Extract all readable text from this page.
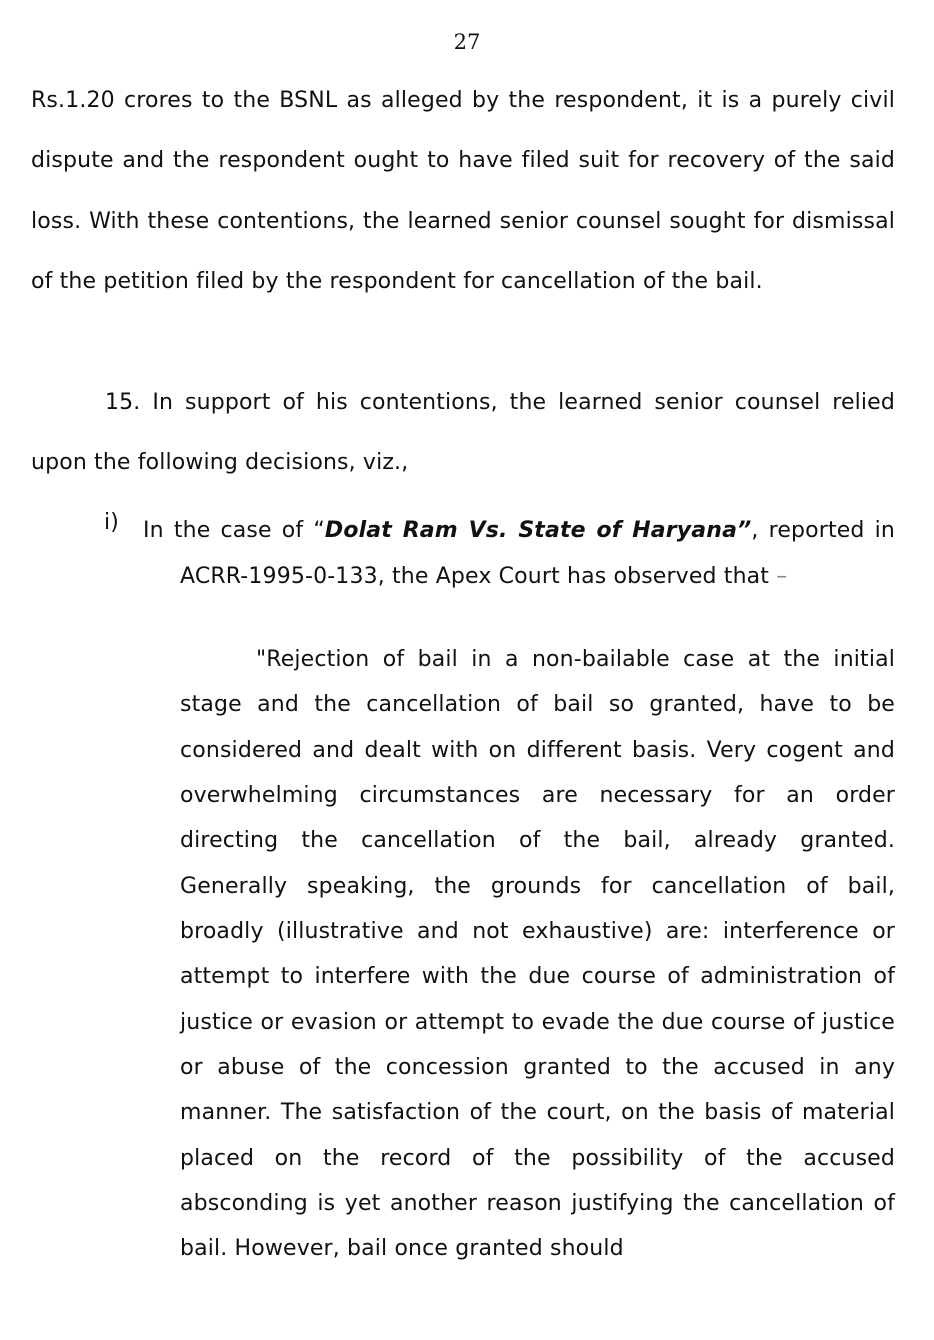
27

Rs.1.20 crores to the BSNL as alleged by the respondent, it is a purely civil dispute and the respondent ought to have filed suit for recovery of the said loss. With these contentions, the learned senior counsel sought for dismissal of the petition filed by the respondent for cancellation of the bail.

15. In support of his contentions, the learned senior counsel relied upon the following decisions, viz.,

i) In the case of “Dolat Ram Vs. State of Haryana”, reported in ACRR-1995-0-133, the Apex Court has observed that –

"Rejection of bail in a non-bailable case at the initial stage and the cancellation of bail so granted, have to be considered and dealt with on different basis. Very cogent and overwhelming circumstances are necessary for an order directing the cancellation of the bail, already granted. Generally speaking, the grounds for cancellation of bail, broadly (illustrative and not exhaustive) are: interference or attempt to interfere with the due course of administration of justice or evasion or attempt to evade the due course of justice or abuse of the concession granted to the accused in any manner. The satisfaction of the court, on the basis of material placed on the record of the possibility of the accused absconding is yet another reason justifying the cancellation of bail. However, bail once granted should
